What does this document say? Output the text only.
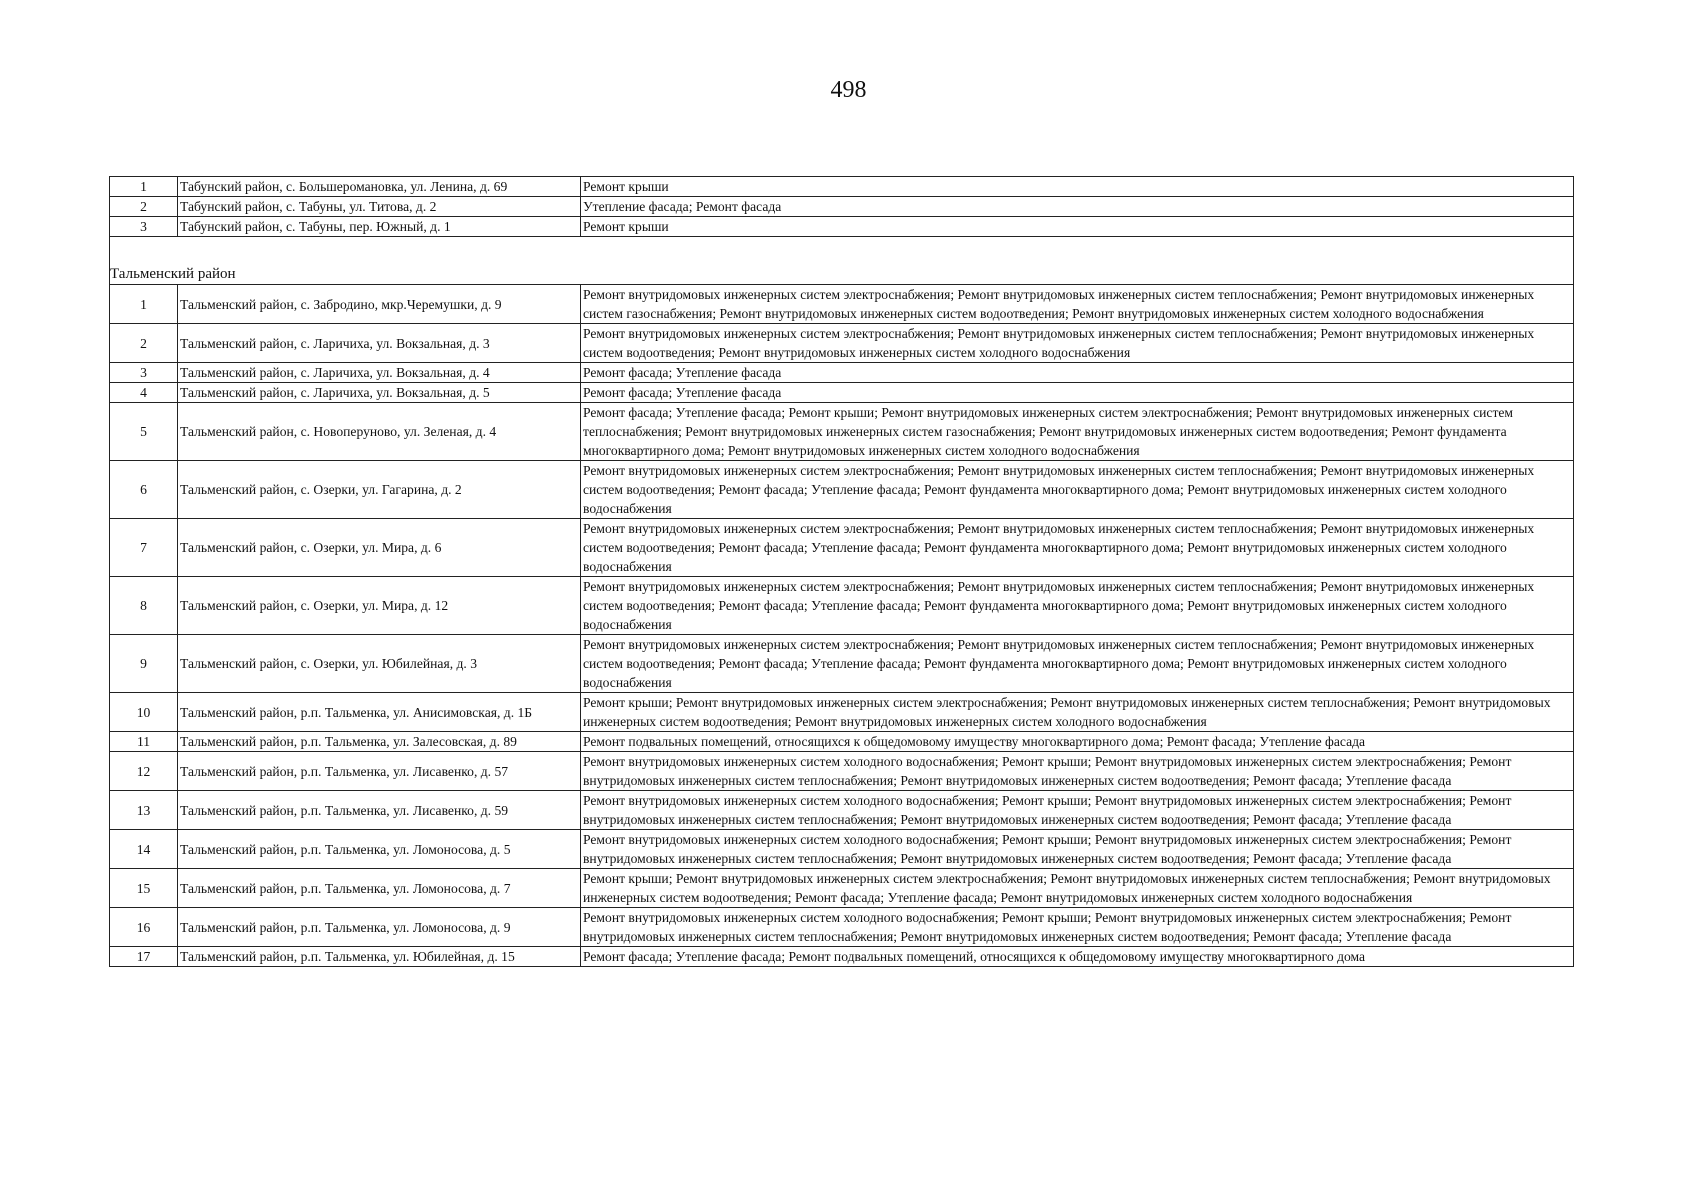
498
1	Табунский район, с. Большеромановка, ул. Ленина, д. 69	Ремонт крыши
2	Табунский район, с. Табуны, ул. Титова, д. 2	Утепление фасада; Ремонт фасада
3	Табунский район, с. Табуны, пер. Южный, д. 1	Ремонт крыши
Тальменский район		
1	Тальменский район, с. Забродино, мкр.Черемушки, д. 9	Ремонт внутридомовых инженерных систем электроснабжения; Ремонт внутридомовых инженерных систем теплоснабжения; Ремонт внутридомовых инженерных систем газоснабжения; Ремонт внутридомовых инженерных систем водоотведения; Ремонт внутридомовых инженерных систем холодного водоснабжения
2	Тальменский район, с. Ларичиха, ул. Вокзальная, д. 3	Ремонт внутридомовых инженерных систем электроснабжения; Ремонт внутридомовых инженерных систем теплоснабжения; Ремонт внутридомовых инженерных систем водоотведения; Ремонт внутридомовых инженерных систем холодного водоснабжения
3	Тальменский район, с. Ларичиха, ул. Вокзальная, д. 4	Ремонт фасада; Утепление фасада
4	Тальменский район, с. Ларичиха, ул. Вокзальная, д. 5	Ремонт фасада; Утепление фасада
5	Тальменский район, с. Новоперуново, ул. Зеленая, д. 4	Ремонт фасада; Утепление фасада; Ремонт крыши; Ремонт внутридомовых инженерных систем электроснабжения; Ремонт внутридомовых инженерных систем теплоснабжения; Ремонт внутридомовых инженерных систем газоснабжения; Ремонт внутридомовых инженерных систем водоотведения; Ремонт фундамента многоквартирного дома; Ремонт внутридомовых инженерных систем холодного водоснабжения
6	Тальменский район, с. Озерки, ул. Гагарина, д. 2	Ремонт внутридомовых инженерных систем электроснабжения; Ремонт внутридомовых инженерных систем теплоснабжения; Ремонт внутридомовых инженерных систем водоотведения; Ремонт фасада; Утепление фасада; Ремонт фундамента многоквартирного дома; Ремонт внутридомовых инженерных систем холодного водоснабжения
7	Тальменский район, с. Озерки, ул. Мира, д. 6	Ремонт внутридомовых инженерных систем электроснабжения; Ремонт внутридомовых инженерных систем теплоснабжения; Ремонт внутридомовых инженерных систем водоотведения; Ремонт фасада; Утепление фасада; Ремонт фундамента многоквартирного дома; Ремонт внутридомовых инженерных систем холодного водоснабжения
8	Тальменский район, с. Озерки, ул. Мира, д. 12	Ремонт внутридомовых инженерных систем электроснабжения; Ремонт внутридомовых инженерных систем теплоснабжения; Ремонт внутридомовых инженерных систем водоотведения; Ремонт фасада; Утепление фасада; Ремонт фундамента многоквартирного дома; Ремонт внутридомовых инженерных систем холодного водоснабжения
9	Тальменский район, с. Озерки, ул. Юбилейная, д. 3	Ремонт внутридомовых инженерных систем электроснабжения; Ремонт внутридомовых инженерных систем теплоснабжения; Ремонт внутридомовых инженерных систем водоотведения; Ремонт фасада; Утепление фасада; Ремонт фундамента многоквартирного дома; Ремонт внутридомовых инженерных систем холодного водоснабжения
10	Тальменский район, р.п. Тальменка, ул. Анисимовская, д. 1Б	Ремонт крыши; Ремонт внутридомовых инженерных систем электроснабжения; Ремонт внутридомовых инженерных систем теплоснабжения; Ремонт внутридомовых инженерных систем водоотведения; Ремонт внутридомовых инженерных систем холодного водоснабжения
11	Тальменский район, р.п. Тальменка, ул. Залесовская, д. 89	Ремонт подвальных помещений, относящихся к общедомовому имуществу многоквартирного дома; Ремонт фасада; Утепление фасада
12	Тальменский район, р.п. Тальменка, ул. Лисавенко, д. 57	Ремонт внутридомовых инженерных систем холодного водоснабжения; Ремонт крыши; Ремонт внутридомовых инженерных систем электроснабжения; Ремонт внутридомовых инженерных систем теплоснабжения; Ремонт внутридомовых инженерных систем водоотведения; Ремонт фасада; Утепление фасада
13	Тальменский район, р.п. Тальменка, ул. Лисавенко, д. 59	Ремонт внутридомовых инженерных систем холодного водоснабжения; Ремонт крыши; Ремонт внутридомовых инженерных систем электроснабжения; Ремонт внутридомовых инженерных систем теплоснабжения; Ремонт внутридомовых инженерных систем водоотведения; Ремонт фасада; Утепление фасада
14	Тальменский район, р.п. Тальменка, ул. Ломоносова, д. 5	Ремонт внутридомовых инженерных систем холодного водоснабжения; Ремонт крыши; Ремонт внутридомовых инженерных систем электроснабжения; Ремонт внутридомовых инженерных систем теплоснабжения; Ремонт внутридомовых инженерных систем водоотведения; Ремонт фасада; Утепление фасада
15	Тальменский район, р.п. Тальменка, ул. Ломоносова, д. 7	Ремонт крыши; Ремонт внутридомовых инженерных систем электроснабжения; Ремонт внутридомовых инженерных систем теплоснабжения; Ремонт внутридомовых инженерных систем водоотведения; Ремонт фасада; Утепление фасада; Ремонт внутридомовых инженерных систем холодного водоснабжения
16	Тальменский район, р.п. Тальменка, ул. Ломоносова, д. 9	Ремонт внутридомовых инженерных систем холодного водоснабжения; Ремонт крыши; Ремонт внутридомовых инженерных систем электроснабжения; Ремонт внутридомовых инженерных систем теплоснабжения; Ремонт внутридомовых инженерных систем водоотведения; Ремонт фасада; Утепление фасада
17	Тальменский район, р.п. Тальменка, ул. Юбилейная, д. 15	Ремонт фасада; Утепление фасада; Ремонт подвальных помещений, относящихся к общедомовому имуществу многоквартирного дома
